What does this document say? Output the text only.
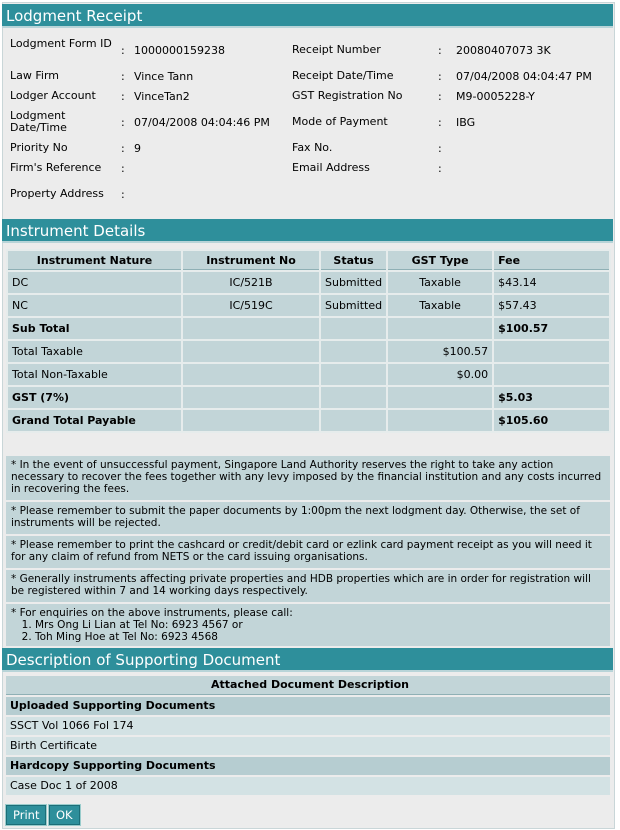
Lodgment Receipt
Lodgment Form ID
: 1000000159238
Law Firm	: Vince Tann
Lodger Account	: VinceTan2
Lodgment Date/Time	: 07/04/2008 04:04:46 PM
Priority No	: 9
Firm's Reference	:
Property Address	:
Receipt Number	: 20080407073 3K
Receipt Date/Time	: 07/04/2008 04:04:47 PM
GST Registration No	: M9-0005228-Y
Mode of Payment	: IBG
Fax No.	:
Email Address	:
Instrument Details
Instrument Nature	Instrument No	Status	GST Type	Fee
DC	IC/521B	Submitted	Taxable	$43.14
NC	IC/519C	Submitted	Taxable	$57.43
Sub Total				$100.57
Total Taxable			$100.57	
Total Non-Taxable			$0.00	
GST (7%)				$5.03
Grand Total Payable				$105.60
* In the event of unsuccessful payment, Singapore Land Authority reserves the right to take any action necessary to recover the fees together with any levy imposed by the financial institution and any costs incurred in recovering the fees.
* Please remember to submit the paper documents by 1:00pm the next lodgment day. Otherwise, the set of instruments will be rejected.
* Please remember to print the cashcard or credit/debit card or ezlink card payment receipt as you will need it for any claim of refund from NETS or the card issuing organisations.
* Generally instruments affecting private properties and HDB properties which are in order for registration will be registered within 7 and 14 working days respectively.
* For enquiries on the above instruments, please call:
1. Mrs Ong Li Lian at Tel No: 6923 4567 or
2. Toh Ming Hoe at Tel No: 6923 4568
Description of Supporting Document
Attached Document Description
Uploaded Supporting Documents
SSCT Vol 1066 Fol 174
Birth Certificate
Hardcopy Supporting Documents
Case Doc 1 of 2008
Print	OK
